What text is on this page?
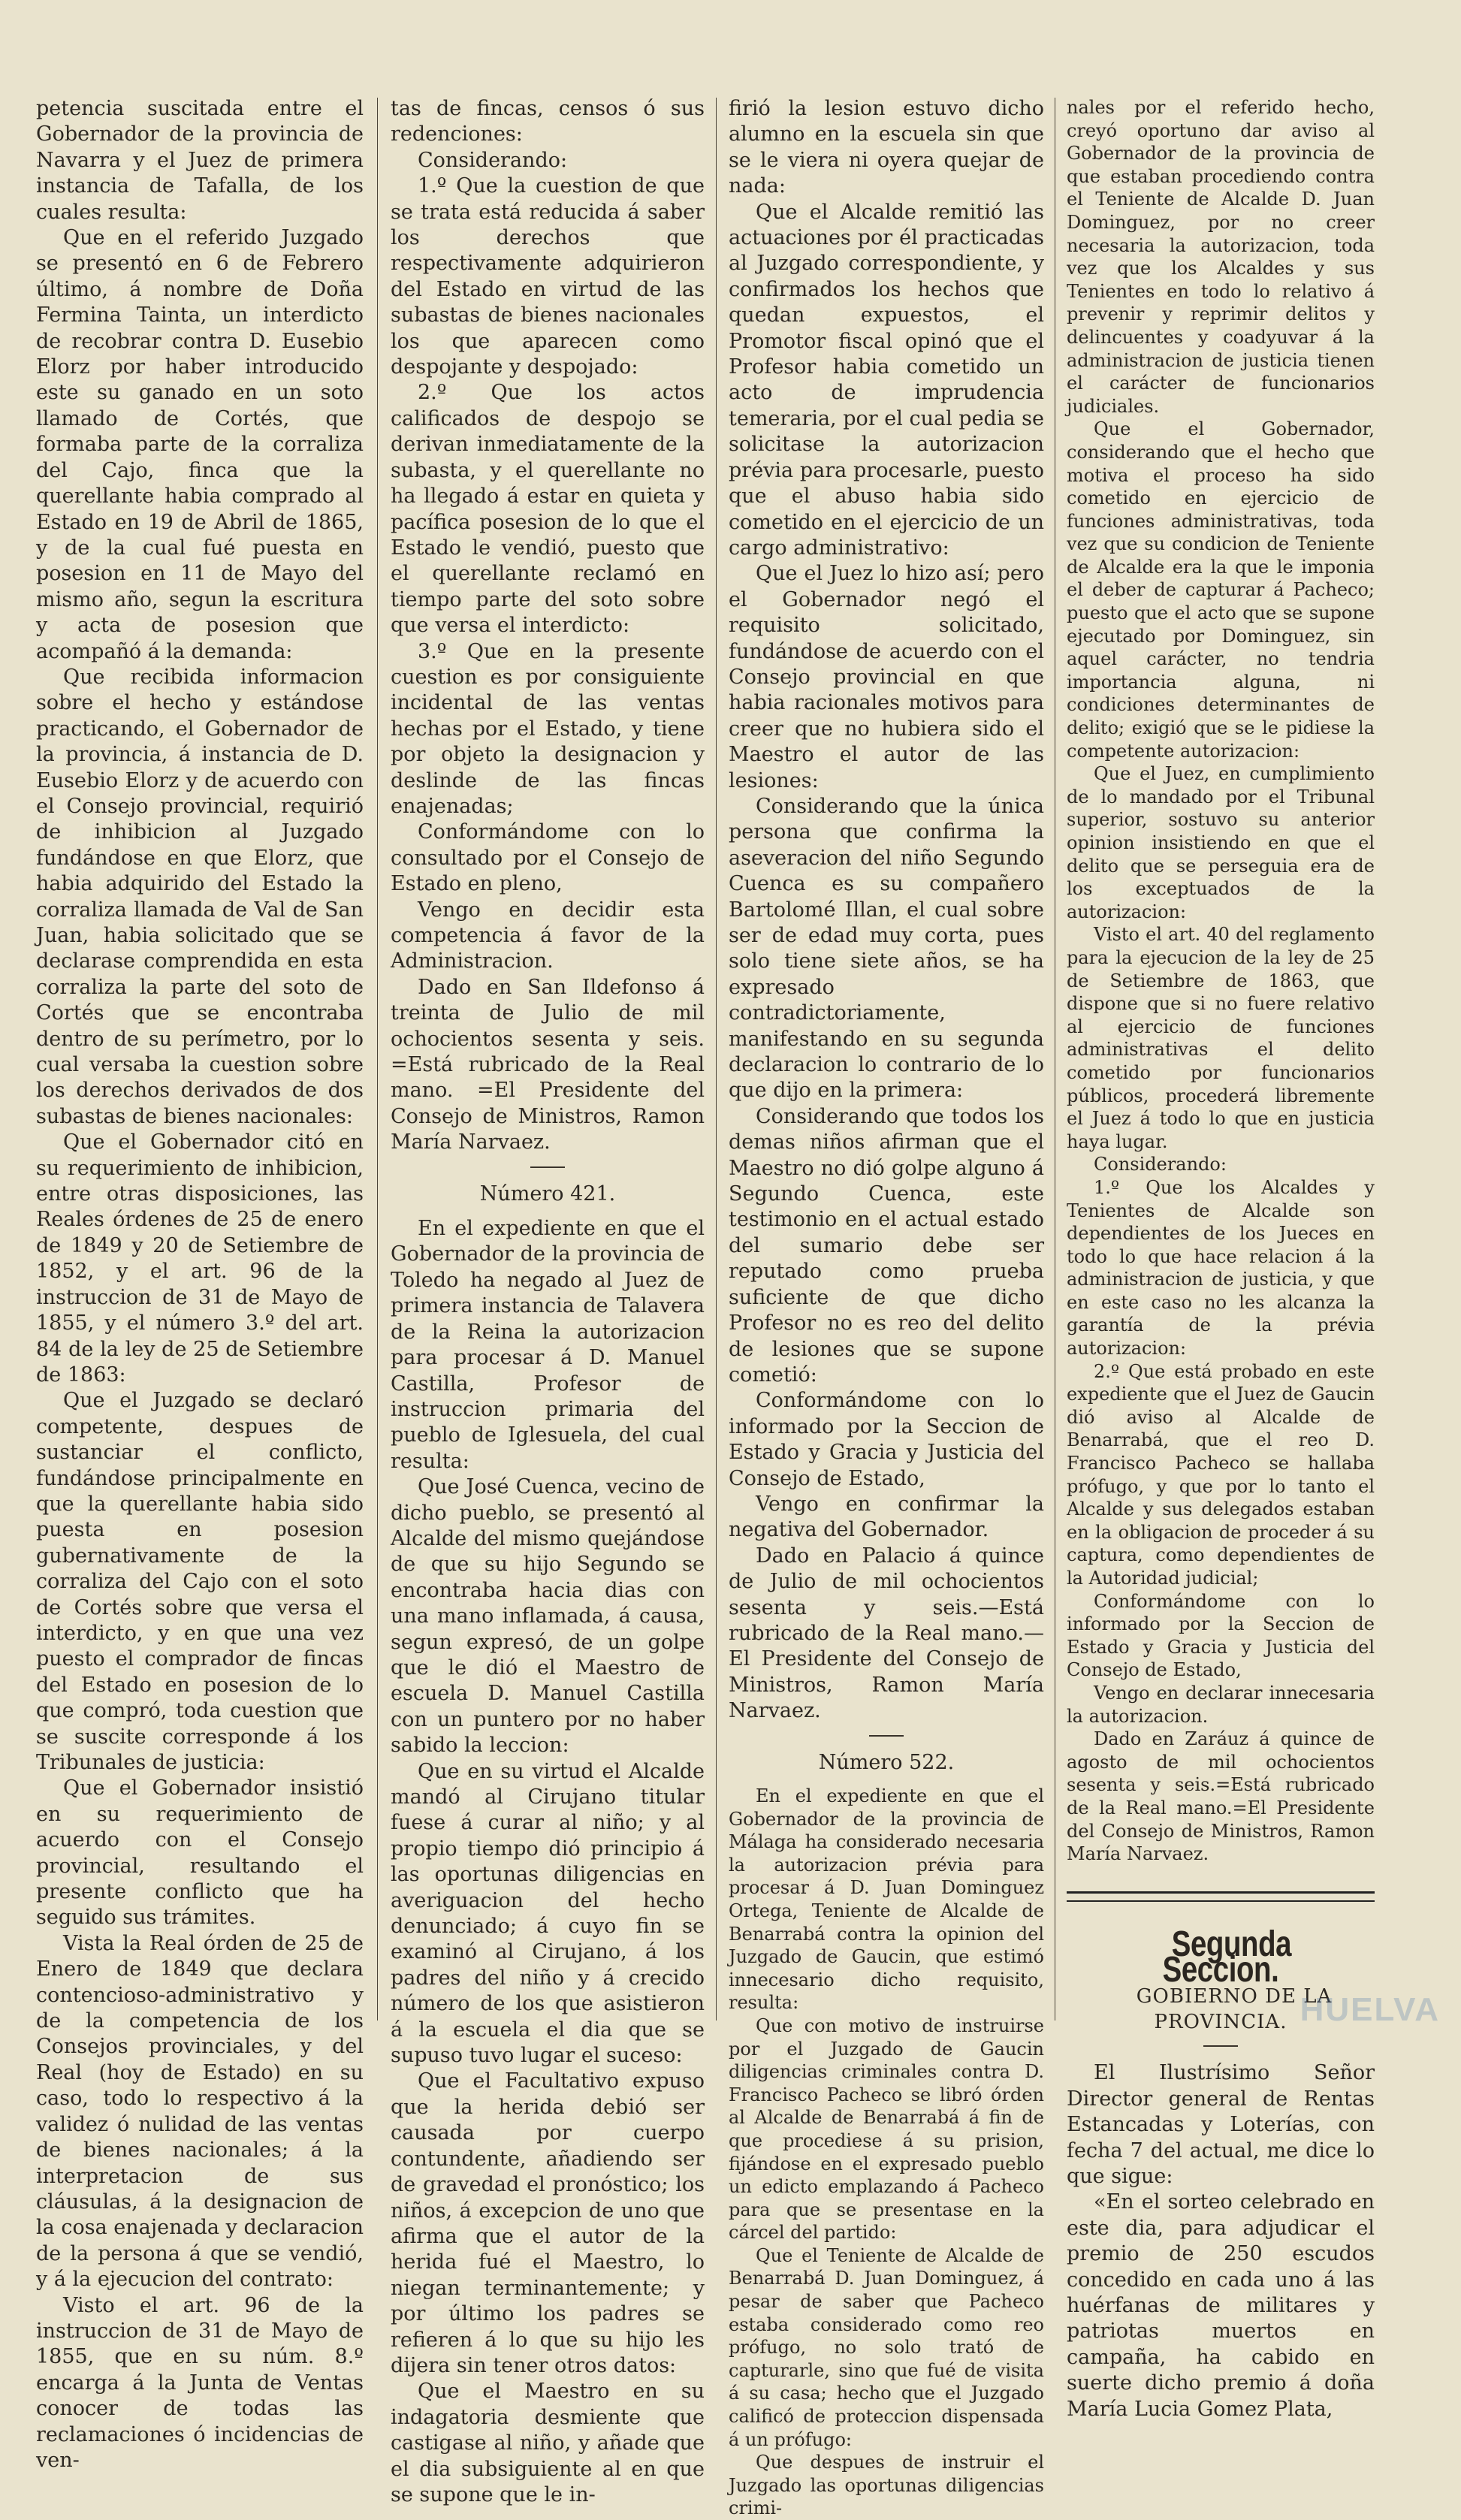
petencia suscitada entre el Gobernador de la provincia de Navarra y el Juez de primera instancia de Tafalla, de los cuales resulta:

Que en el referido Juzgado se presentó en 6 de Febrero último, á nombre de Doña Fermina Tainta, un interdicto de recobrar contra D. Eusebio Elorz por haber introducido este su ganado en un soto llamado de Cortés, que formaba parte de la corraliza del Cajo, finca que la querellante habia comprado al Estado en 19 de Abril de 1865, y de la cual fué puesta en posesion en 11 de Mayo del mismo año, segun la escritura y acta de posesion que acompañó á la demanda:

Que recibida informacion sobre el hecho y estándose practicando, el Gobernador de la provincia, á instancia de D. Eusebio Elorz y de acuerdo con el Consejo provincial, requirió de inhibicion al Juzgado fundándose en que Elorz, que habia adquirido del Estado la corraliza llamada de Val de San Juan, habia solicitado que se declarase comprendida en esta corraliza la parte del soto de Cortés que se encontraba dentro de su perímetro, por lo cual versaba la cuestion sobre los derechos derivados de dos subastas de bienes nacionales:

Que el Gobernador citó en su requerimiento de inhibicion, entre otras disposiciones, las Reales órdenes de 25 de enero de 1849 y 20 de Setiembre de 1852, y el art. 96 de la instruccion de 31 de Mayo de 1855, y el número 3.º del art. 84 de la ley de 25 de Setiembre de 1863:

Que el Juzgado se declaró competente, despues de sustanciar el conflicto, fundándose principalmente en que la querellante habia sido puesta en posesion gubernativamente de la corraliza del Cajo con el soto de Cortés sobre que versa el interdicto, y en que una vez puesto el comprador de fincas del Estado en posesion de lo que compró, toda cuestion que se suscite corresponde á los Tribunales de justicia:

Que el Gobernador insistió en su requerimiento de acuerdo con el Consejo provincial, resultando el presente conflicto que ha seguido sus trámites.

Vista la Real órden de 25 de Enero de 1849 que declara contencioso-administrativo y de la competencia de los Consejos provinciales, y del Real (hoy de Estado) en su caso, todo lo respectivo á la validez ó nulidad de las ventas de bienes nacionales; á la interpretacion de sus cláusulas, á la designacion de la cosa enajenada y declaracion de la persona á que se vendió, y á la ejecucion del contrato:

Visto el art. 96 de la instruccion de 31 de Mayo de 1855, que en su núm. 8.º encarga á la Junta de Ventas conocer de todas las reclamaciones ó incidencias de ven-

tas de fincas, censos ó sus redenciones:

Considerando:

1.º Que la cuestion de que se trata está reducida á saber los derechos que respectivamente adquirieron del Estado en virtud de las subastas de bienes nacionales los que aparecen como despojante y despojado:

2.º Que los actos calificados de despojo se derivan inmediatamente de la subasta, y el querellante no ha llegado á estar en quieta y pacífica posesion de lo que el Estado le vendió, puesto que el querellante reclamó en tiempo parte del soto sobre que versa el interdicto:

3.º Que en la presente cuestion es por consiguiente incidental de las ventas hechas por el Estado, y tiene por objeto la designacion y deslinde de las fincas enajenadas;

Conformándome con lo consultado por el Consejo de Estado en pleno,

Vengo en decidir esta competencia á favor de la Administracion.

Dado en San Ildefonso á treinta de Julio de mil ochocientos sesenta y seis. =Está rubricado de la Real mano. =El Presidente del Consejo de Ministros, Ramon María Narvaez.

Número 421.

En el expediente en que el Gobernador de la provincia de Toledo ha negado al Juez de primera instancia de Talavera de la Reina la autorizacion para procesar á D. Manuel Castilla, Profesor de instruccion primaria del pueblo de Iglesuela, del cual resulta:

Que José Cuenca, vecino de dicho pueblo, se presentó al Alcalde del mismo quejándose de que su hijo Segundo se encontraba hacia dias con una mano inflamada, á causa, segun expresó, de un golpe que le dió el Maestro de escuela D. Manuel Castilla con un puntero por no haber sabido la leccion:

Que en su virtud el Alcalde mandó al Cirujano titular fuese á curar al niño; y al propio tiempo dió principio á las oportunas diligencias en averiguacion del hecho denunciado; á cuyo fin se examinó al Cirujano, á los padres del niño y á crecido número de los que asistieron á la escuela el dia que se supuso tuvo lugar el suceso:

Que el Facultativo expuso que la herida debió ser causada por cuerpo contundente, añadiendo ser de gravedad el pronóstico; los niños, á excepcion de uno que afirma que el autor de la herida fué el Maestro, lo niegan terminantemente; y por último los padres se refieren á lo que su hijo les dijera sin tener otros datos:

Que el Maestro en su indagatoria desmiente que castigase al niño, y añade que el dia subsiguiente al en que se supone que le in-

firió la lesion estuvo dicho alumno en la escuela sin que se le viera ni oyera quejar de nada:

Que el Alcalde remitió las actuaciones por él practicadas al Juzgado correspondiente, y confirmados los hechos que quedan expuestos, el Promotor fiscal opinó que el Profesor habia cometido un acto de imprudencia temeraria, por el cual pedia se solicitase la autorizacion prévia para procesarle, puesto que el abuso habia sido cometido en el ejercicio de un cargo administrativo:

Que el Juez lo hizo así; pero el Gobernador negó el requisito solicitado, fundándose de acuerdo con el Consejo provincial en que habia racionales motivos para creer que no hubiera sido el Maestro el autor de las lesiones:

Considerando que la única persona que confirma la aseveracion del niño Segundo Cuenca es su compañero Bartolomé Illan, el cual sobre ser de edad muy corta, pues solo tiene siete años, se ha expresado contradictoriamente, manifestando en su segunda declaracion lo contrario de lo que dijo en la primera:

Considerando que todos los demas niños afirman que el Maestro no dió golpe alguno á Segundo Cuenca, este testimonio en el actual estado del sumario debe ser reputado como prueba suficiente de que dicho Profesor no es reo del delito de lesiones que se supone cometió:

Conformándome con lo informado por la Seccion de Estado y Gracia y Justicia del Consejo de Estado,

Vengo en confirmar la negativa del Gobernador.

Dado en Palacio á quince de Julio de mil ochocientos sesenta y seis.—Está rubricado de la Real mano.—El Presidente del Consejo de Ministros, Ramon María Narvaez.

Número 522.

En el expediente en que el Gobernador de la provincia de Málaga ha considerado necesaria la autorizacion prévia para procesar á D. Juan Dominguez Ortega, Teniente de Alcalde de Benarrabá contra la opinion del Juzgado de Gaucin, que estimó innecesario dicho requisito, resulta:

Que con motivo de instruirse por el Juzgado de Gaucin diligencias criminales contra D. Francisco Pacheco se libró órden al Alcalde de Benarrabá á fin de que procediese á su prision, fijándose en el expresado pueblo un edicto emplazando á Pacheco para que se presentase en la cárcel del partido:

Que el Teniente de Alcalde de Benarrabá D. Juan Dominguez, á pesar de saber que Pacheco estaba considerado como reo prófugo, no solo trató de capturarle, sino que fué de visita á su casa; hecho que el Juzgado calificó de proteccion dispensada á un prófugo:

Que despues de instruir el Juzgado las oportunas diligencias crimi-

nales por el referido hecho, creyó oportuno dar aviso al Gobernador de la provincia de que estaban procediendo contra el Teniente de Alcalde D. Juan Dominguez, por no creer necesaria la autorizacion, toda vez que los Alcaldes y sus Tenientes en todo lo relativo á prevenir y reprimir delitos y delincuentes y coadyuvar á la administracion de justicia tienen el carácter de funcionarios judiciales.

Que el Gobernador, considerando que el hecho que motiva el proceso ha sido cometido en ejercicio de funciones administrativas, toda vez que su condicion de Teniente de Alcalde era la que le imponia el deber de capturar á Pacheco; puesto que el acto que se supone ejecutado por Dominguez, sin aquel carácter, no tendria importancia alguna, ni condiciones determinantes de delito; exigió que se le pidiese la competente autorizacion:

Que el Juez, en cumplimiento de lo mandado por el Tribunal superior, sostuvo su anterior opinion insistiendo en que el delito que se perseguia era de los exceptuados de la autorizacion:

Visto el art. 40 del reglamento para la ejecucion de la ley de 25 de Setiembre de 1863, que dispone que si no fuere relativo al ejercicio de funciones administrativas el delito cometido por funcionarios públicos, procederá libremente el Juez á todo lo que en justicia haya lugar.

Considerando:

1.º Que los Alcaldes y Tenientes de Alcalde son dependientes de los Jueces en todo lo que hace relacion á la administracion de justicia, y que en este caso no les alcanza la garantía de la prévia autorizacion:

2.º Que está probado en este expediente que el Juez de Gaucin dió aviso al Alcalde de Benarrabá, que el reo D. Francisco Pacheco se hallaba prófugo, y que por lo tanto el Alcalde y sus delegados estaban en la obligacion de proceder á su captura, como dependientes de la Autoridad judicial;

Conformándome con lo informado por la Seccion de Estado y Gracia y Justicia del Consejo de Estado,

Vengo en declarar innecesaria la autorizacion.

Dado en Zaráuz á quince de agosto de mil ochocientos sesenta y seis.=Está rubricado de la Real mano.=El Presidente del Consejo de Ministros, Ramon María Narvaez.

Segunda Seccion.

GOBIERNO DE LA PROVINCIA.

El Ilustrísimo Señor Director general de Rentas Estancadas y Loterías, con fecha 7 del actual, me dice lo que sigue:

«En el sorteo celebrado en este dia, para adjudicar el premio de 250 escudos concedido en cada uno á las huérfanas de militares y patriotas muertos en campaña, ha cabido en suerte dicho premio á doña María Lucia Gomez Plata,

HUELVA
